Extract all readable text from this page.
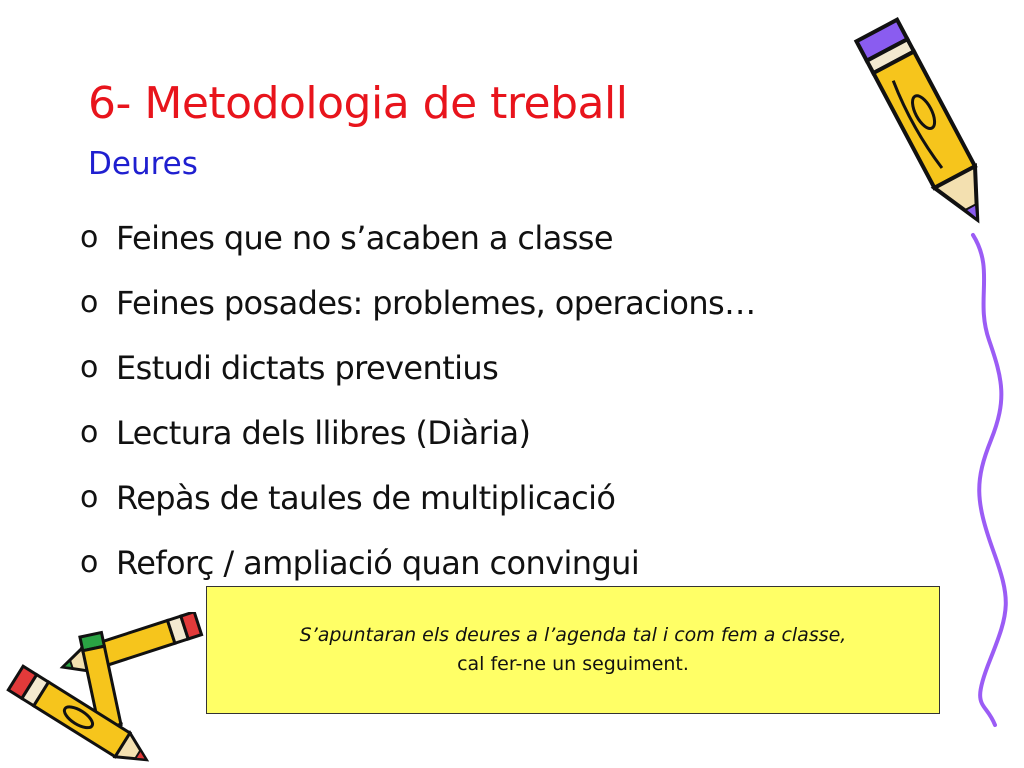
6- Metodologia de treball
Deures
o Feines que no s’acaben a classe
o Feines posades: problemes, operacions…
o Estudi dictats preventius
o Lectura dels llibres (Diària)
o Repàs de taules de multiplicació
o Reforç / ampliació quan convingui
S’apuntaran els deures a l’agenda tal i com fem a classe,
cal fer-ne un seguiment.
